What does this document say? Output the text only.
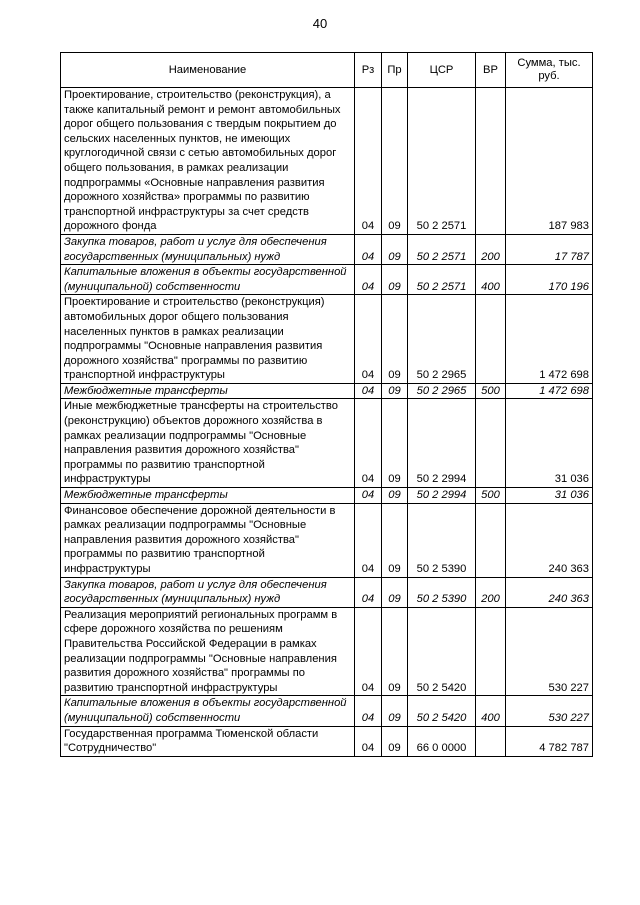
40
Наименование	Рз	Пр	ЦСР	ВР	Сумма, тыс. руб.
Проектирование, строительство (реконструкция), а также капитальный ремонт и ремонт автомобильных дорог общего пользования с твердым покрытием до сельских населенных пунктов, не имеющих круглогодичной связи с сетью автомобильных дорог общего пользования, в рамках реализации подпрограммы «Основные направления развития дорожного хозяйства» программы по развитию транспортной инфраструктуры за счет средств дорожного фонда	04	09	50 2 2571		187 983
Закупка товаров, работ и услуг для обеспечения государственных (муниципальных) нужд	04	09	50 2 2571	200	17 787
Капитальные вложения в объекты государственной (муниципальной) собственности	04	09	50 2 2571	400	170 196
Проектирование и строительство (реконструкция) автомобильных дорог общего пользования населенных пунктов в рамках реализации подпрограммы "Основные направления развития дорожного хозяйства" программы по развитию транспортной инфраструктуры	04	09	50 2 2965		1 472 698
Межбюджетные трансферты	04	09	50 2 2965	500	1 472 698
Иные межбюджетные трансферты на строительство (реконструкцию) объектов дорожного хозяйства в рамках реализации подпрограммы "Основные направления развития дорожного хозяйства" программы по развитию транспортной инфраструктуры	04	09	50 2 2994		31 036
Межбюджетные трансферты	04	09	50 2 2994	500	31 036
Финансовое обеспечение дорожной деятельности в рамках реализации подпрограммы "Основные направления развития дорожного хозяйства" программы по развитию транспортной инфраструктуры	04	09	50 2 5390		240 363
Закупка товаров, работ и услуг для обеспечения государственных (муниципальных) нужд	04	09	50 2 5390	200	240 363
Реализация мероприятий региональных программ в сфере дорожного хозяйства по решениям Правительства Российской Федерации в рамках реализации подпрограммы "Основные направления развития дорожного хозяйства" программы по развитию транспортной инфраструктуры	04	09	50 2 5420		530 227
Капитальные вложения в объекты государственной (муниципальной) собственности	04	09	50 2 5420	400	530 227
Государственная программа Тюменской области "Сотрудничество"	04	09	66 0 0000		4 782 787
